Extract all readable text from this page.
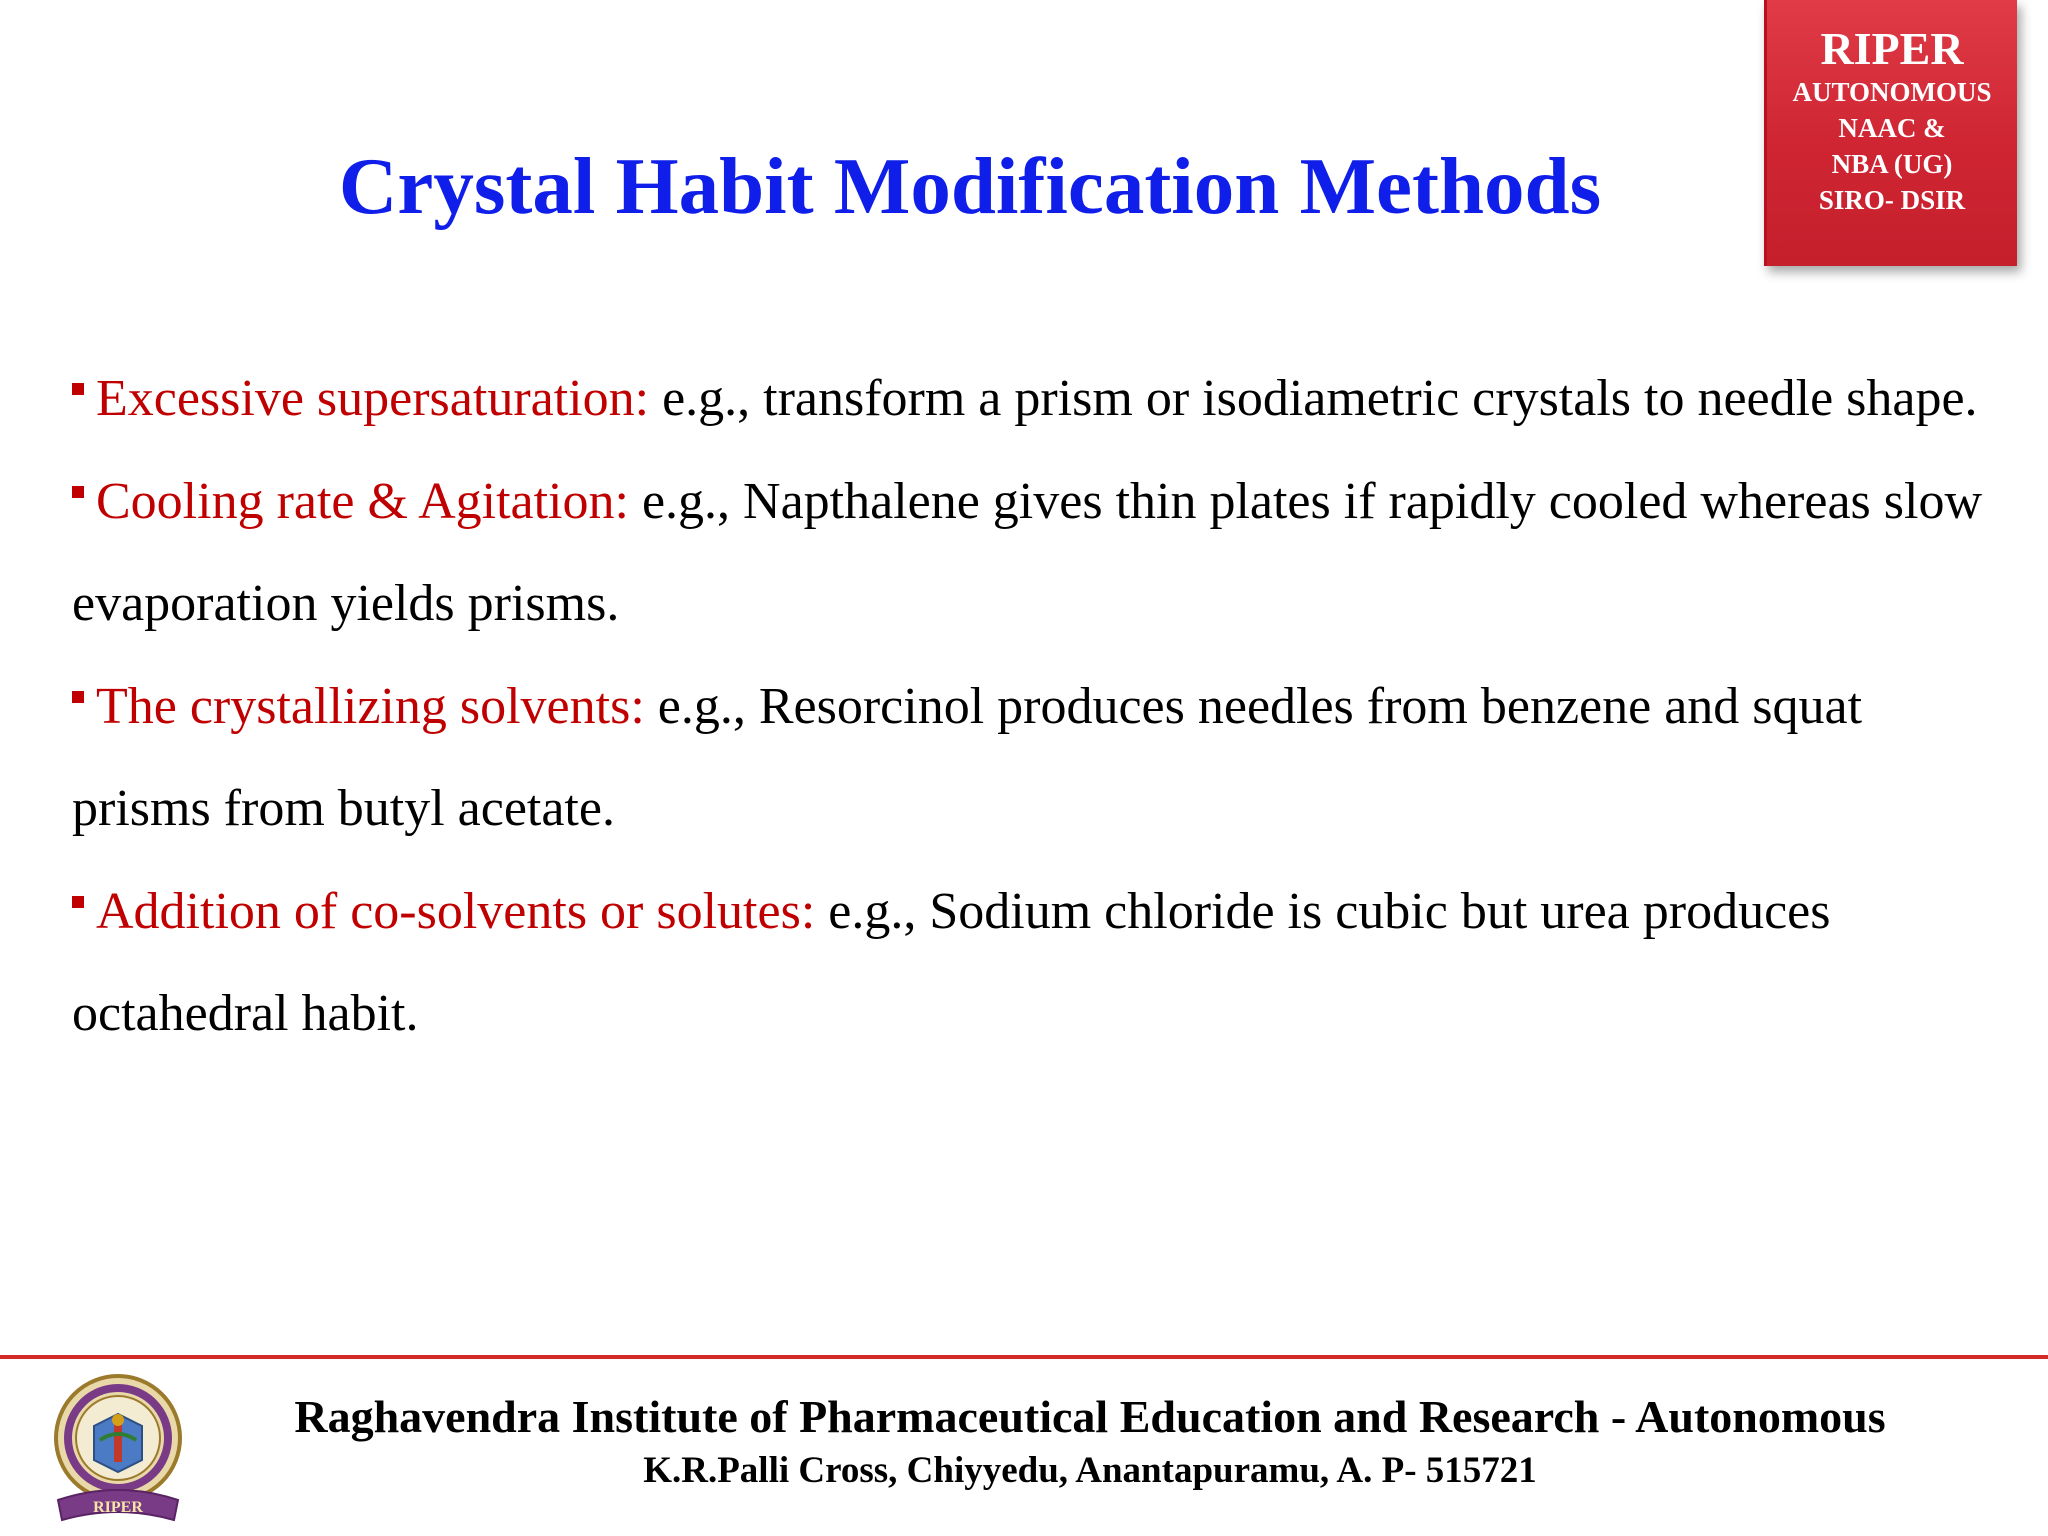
Crystal Habit Modification Methods
RIPER
AUTONOMOUS
NAAC &
NBA (UG)
SIRO- DSIR

Excessive supersaturation: e.g., transform a prism or isodiametric crystals to needle shape.

Cooling rate & Agitation: e.g., Napthalene gives thin plates if rapidly cooled whereas slow evaporation yields prisms.

The crystallizing solvents: e.g., Resorcinol produces needles from benzene and squat prisms from butyl acetate.

Addition of co-solvents or solutes: e.g., Sodium chloride is cubic but urea produces octahedral habit.

RIPER
Raghavendra Institute of Pharmaceutical Education and Research - Autonomous
K.R.Palli Cross, Chiyyedu, Anantapuramu, A. P- 515721
